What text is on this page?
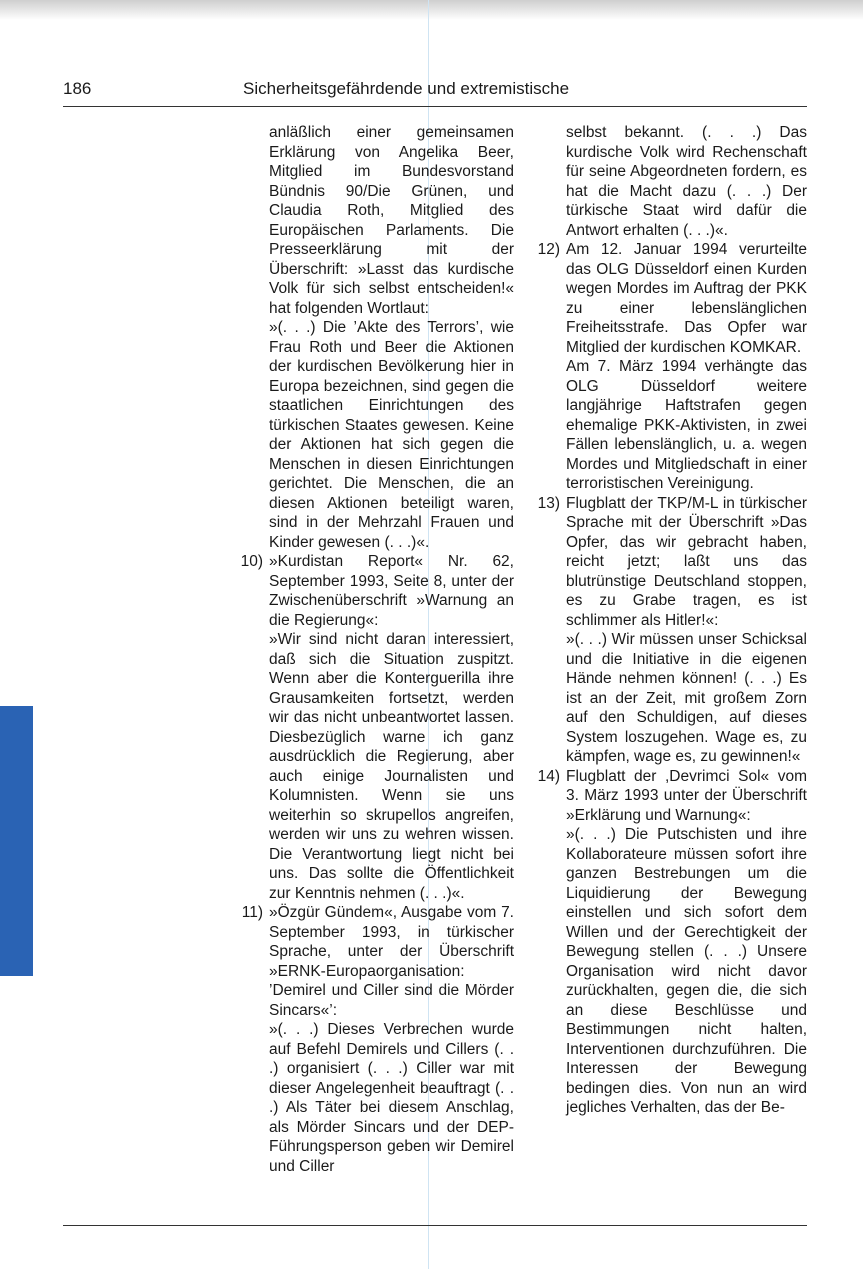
186	Sicherheitsgefährdende und extremistische

anläßlich einer gemeinsamen Erklärung von Angelika Beer, Mitglied im Bundesvorstand Bündnis 90/Die Grünen, und Claudia Roth, Mitglied des Europäischen Parlaments. Die Presseerklärung mit der Überschrift: »Lasst das kurdische Volk für sich selbst entscheiden!« hat folgenden Wortlaut:

»(. . .) Die ’Akte des Terrors’, wie Frau Roth und Beer die Aktionen der kurdischen Bevölkerung hier in Europa bezeichnen, sind gegen die staatlichen Einrichtungen des türkischen Staates gewesen. Keine der Aktionen hat sich gegen die Menschen in diesen Einrichtungen gerichtet. Die Menschen, die an diesen Aktionen beteiligt waren, sind in der Mehrzahl Frauen und Kinder gewesen (. . .)«.

10) »Kurdistan Report« Nr. 62, September 1993, Seite 8, unter der Zwischenüberschrift »Warnung an die Regierung«:

»Wir sind nicht daran interessiert, daß sich die Situation zuspitzt. Wenn aber die Konterguerilla ihre Grausamkeiten fortsetzt, werden wir das nicht unbeantwortet lassen. Diesbezüglich warne ich ganz ausdrücklich die Regierung, aber auch einige Journalisten und Kolumnisten. Wenn sie uns weiterhin so skrupellos angreifen, werden wir uns zu wehren wissen. Die Verantwortung liegt nicht bei uns. Das sollte die Öffentlichkeit zur Kenntnis nehmen (. . .)«.

11) »Özgür Gündem«, Ausgabe vom 7. September 1993, in türkischer Sprache, unter der Überschrift »ERNK-Europaorganisation: ’Demirel und Ciller sind die Mörder Sincars«’:

»(. . .) Dieses Verbrechen wurde auf Befehl Demirels und Cillers (. . .) organisiert (. . .) Ciller war mit dieser Angelegenheit beauftragt (. . .) Als Täter bei diesem Anschlag, als Mörder Sincars und der DEP-Führungsperson geben wir Demirel und Ciller

selbst bekannt. (. . .) Das kurdische Volk wird Rechenschaft für seine Abgeordneten fordern, es hat die Macht dazu (. . .) Der türkische Staat wird dafür die Antwort erhalten (. . .)«.

12) Am 12. Januar 1994 verurteilte das OLG Düsseldorf einen Kurden wegen Mordes im Auftrag der PKK zu einer lebenslänglichen Freiheitsstrafe. Das Opfer war Mitglied der kurdischen KOMKAR.

Am 7. März 1994 verhängte das OLG Düsseldorf weitere langjährige Haftstrafen gegen ehemalige PKK-Aktivisten, in zwei Fällen lebenslänglich, u. a. wegen Mordes und Mitgliedschaft in einer terroristischen Vereinigung.

13) Flugblatt der TKP/M-L in türkischer Sprache mit der Überschrift »Das Opfer, das wir gebracht haben, reicht jetzt; laßt uns das blutrünstige Deutschland stoppen, es zu Grabe tragen, es ist schlimmer als Hitler!«:

»(. . .) Wir müssen unser Schicksal und die Initiative in die eigenen Hände nehmen können! (. . .) Es ist an der Zeit, mit großem Zorn auf den Schuldigen, auf dieses System loszugehen. Wage es, zu kämpfen, wage es, zu gewinnen!«

14) Flugblatt der ,Devrimci Sol« vom 3. März 1993 unter der Überschrift »Erklärung und Warnung«:

»(. . .) Die Putschisten und ihre Kollaborateure müssen sofort ihre ganzen Bestrebungen um die Liquidierung der Bewegung einstellen und sich sofort dem Willen und der Gerechtigkeit der Bewegung stellen (. . .) Unsere Organisation wird nicht davor zurückhalten, gegen die, die sich an diese Beschlüsse und Bestimmungen nicht halten, Interventionen durchzuführen. Die Interessen der Bewegung bedingen dies. Von nun an wird jegliches Verhalten, das der Be-
